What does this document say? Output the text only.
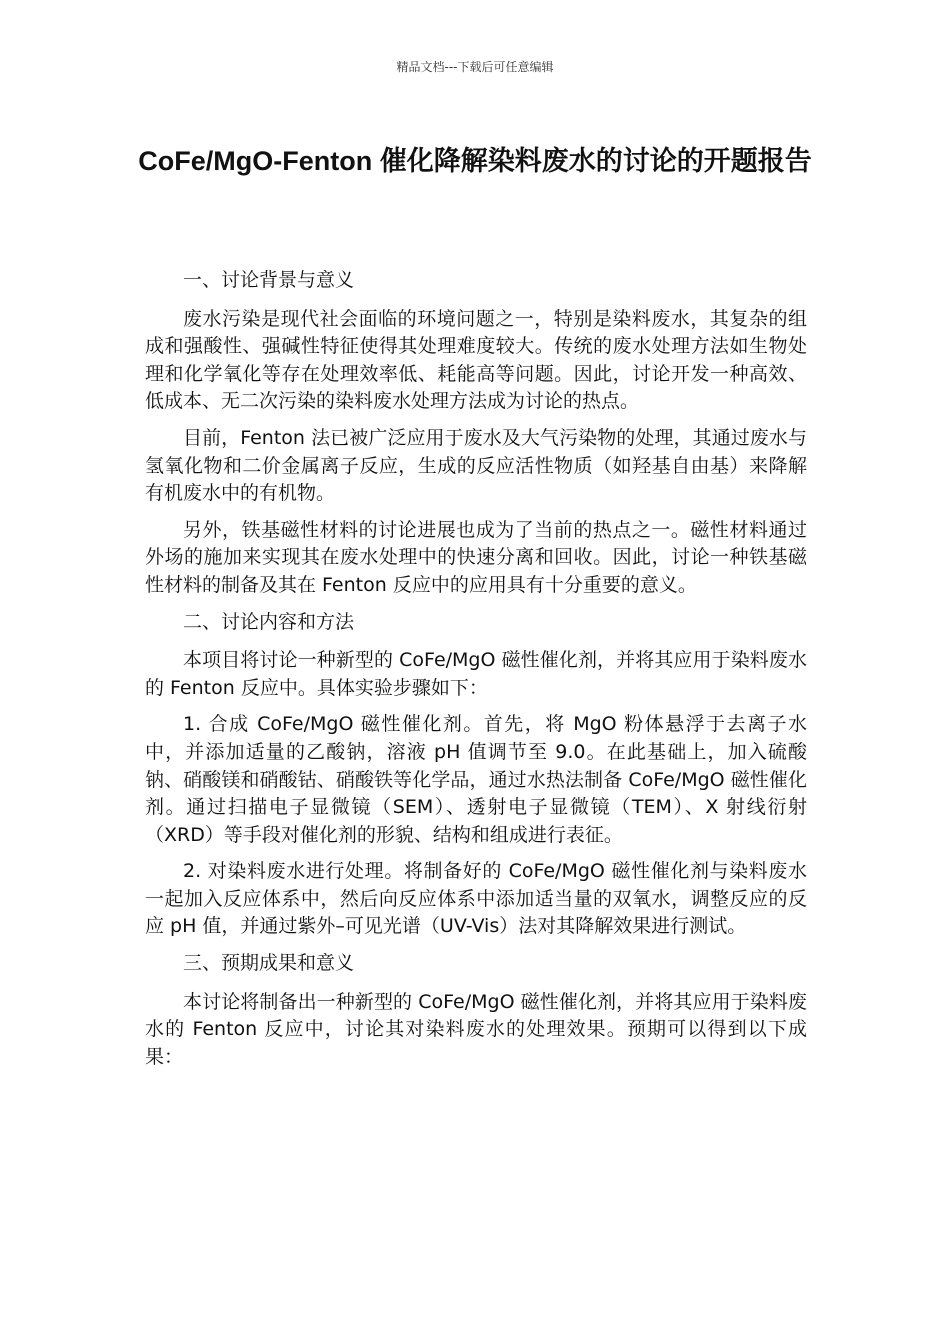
精品文档---下载后可任意编辑
CoFe/MgO-Fenton 催化降解染料废水的讨论的开题报告

一、讨论背景与意义

废水污染是现代社会面临的环境问题之一，特别是染料废水，其复杂的组成和强酸性、强碱性特征使得其处理难度较大。传统的废水处理方法如生物处理和化学氧化等存在处理效率低、耗能高等问题。因此，讨论开发一种高效、低成本、无二次污染的染料废水处理方法成为讨论的热点。

目前，Fenton 法已被广泛应用于废水及大气污染物的处理，其通过废水与氢氧化物和二价金属离子反应，生成的反应活性物质（如羟基自由基）来降解有机废水中的有机物。

另外，铁基磁性材料的讨论进展也成为了当前的热点之一。磁性材料通过外场的施加来实现其在废水处理中的快速分离和回收。因此，讨论一种铁基磁性材料的制备及其在 Fenton 反应中的应用具有十分重要的意义。

二、讨论内容和方法

本项目将讨论一种新型的 CoFe/MgO 磁性催化剂，并将其应用于染料废水的 Fenton 反应中。具体实验步骤如下：

1. 合成 CoFe/MgO 磁性催化剂。首先，将 MgO 粉体悬浮于去离子水中，并添加适量的乙酸钠，溶液 pH 值调节至 9.0。在此基础上，加入硫酸钠、硝酸镁和硝酸钴、硝酸铁等化学品，通过水热法制备 CoFe/MgO 磁性催化剂。通过扫描电子显微镜（SEM）、透射电子显微镜（TEM）、X 射线衍射（XRD）等手段对催化剂的形貌、结构和组成进行表征。

2. 对染料废水进行处理。将制备好的 CoFe/MgO 磁性催化剂与染料废水一起加入反应体系中，然后向反应体系中添加适当量的双氧水，调整反应的反应 pH 值，并通过紫外–可见光谱（UV-Vis）法对其降解效果进行测试。

三、预期成果和意义

本讨论将制备出一种新型的 CoFe/MgO 磁性催化剂，并将其应用于染料废水的 Fenton 反应中，讨论其对染料废水的处理效果。预期可以得到以下成果：
